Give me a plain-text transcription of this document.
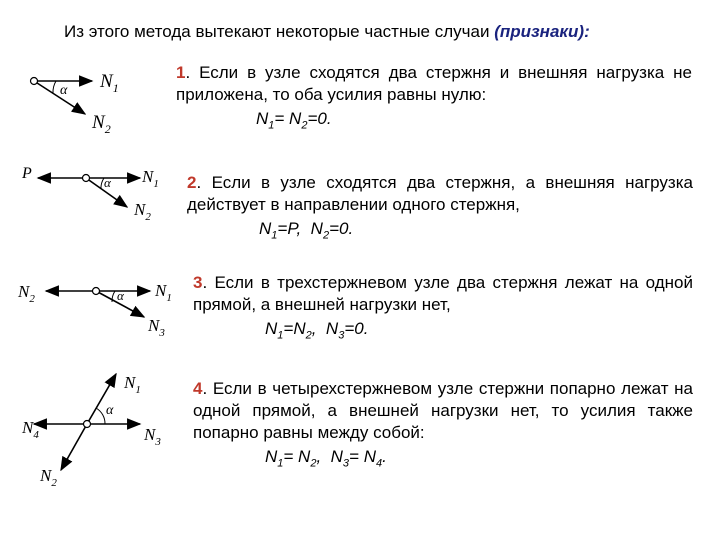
Из этого метода вытекают некоторые частные случаи (признаки):
α $N_1$
$N_2$
α
P	$N_1$
$N_2$
α
$N_2$	$N_1$
$N_3$
α
$N_1$
$N_4$	$N_3$
$N_2$
1. Если в узле сходятся два стержня и внешняя нагрузка не приложена, то оба усилия равны нулю:
$N_1= N_2=0$.
2. Если в узле сходятся два стержня, а внешняя нагрузка действует в направлении одного стержня,
$N_1=P$,  $N_2=0$.
3. Если в трехстержневом узле два стержня лежат на одной прямой, а внешней нагрузки нет,
$N_1=N_2$,  $N_3=0$.
4. Если в четырехстержневом узле стержни попарно лежат на одной прямой, а внешней нагрузки нет, то усилия также попарно равны между собой:
$N_1= N_2$,  $N_3= N_4$.
